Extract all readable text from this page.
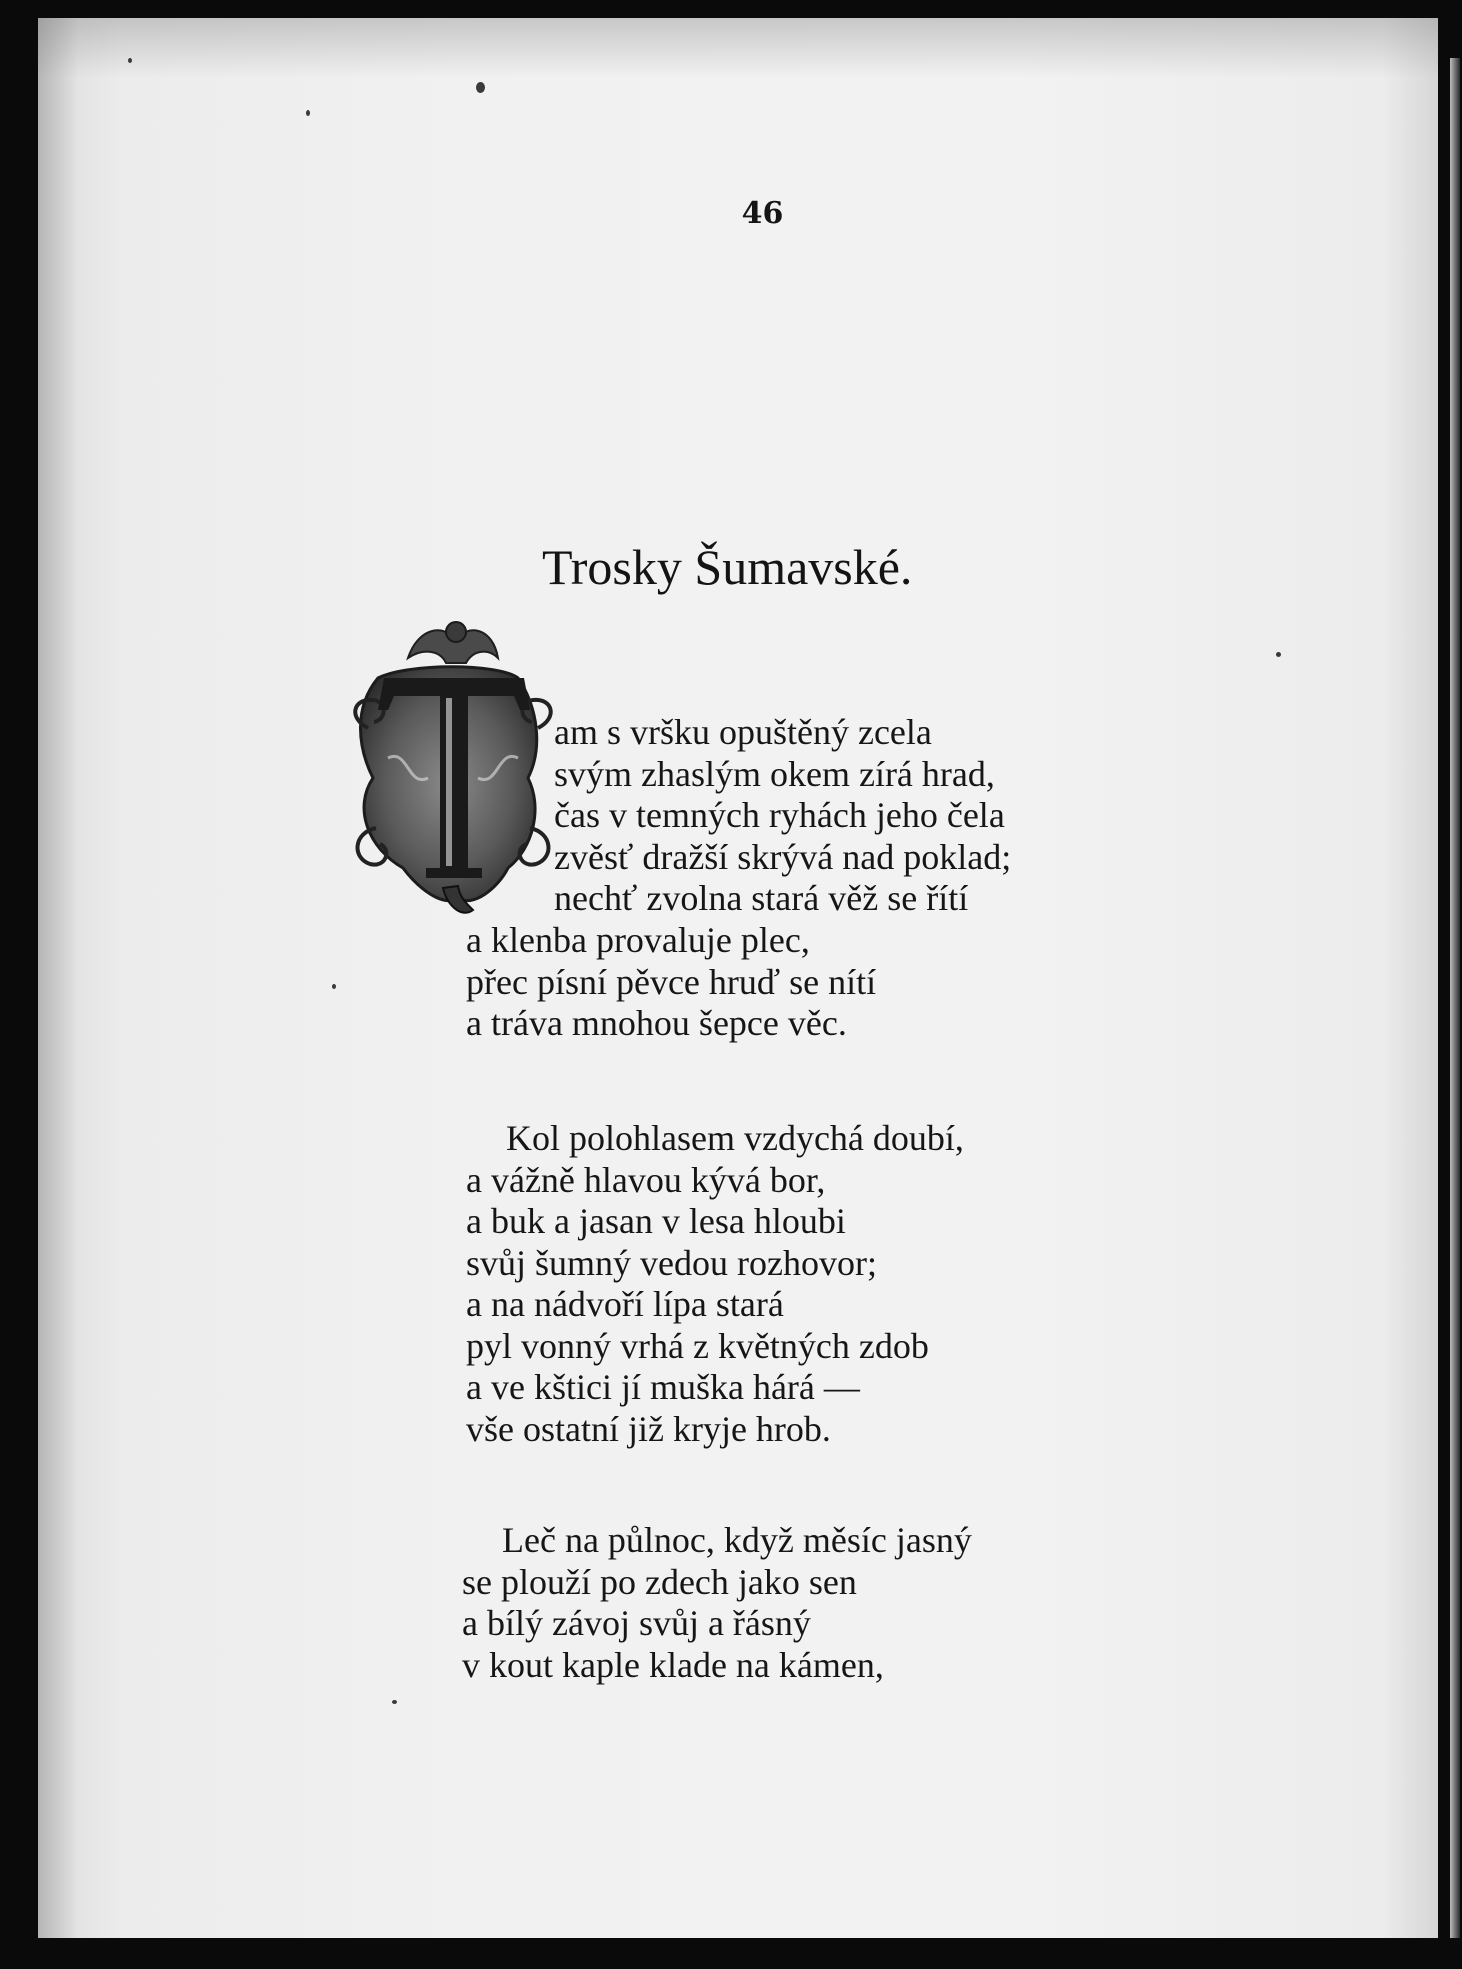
46
Trosky Šumavské.
am s vršku opuštěný zcela
svým zhaslým okem zírá hrad,
čas v temných ryhách jeho čela
zvěsť dražší skrývá nad poklad;
nechť zvolna stará věž se řítí
a klenba provaluje plec,
přec písní pěvce hruď se nítí
a tráva mnohou šepce věc.
Kol polohlasem vzdychá doubí,
a vážně hlavou kývá bor,
a buk a jasan v lesa hloubi
svůj šumný vedou rozhovor;
a na nádvoří lípa stará
pyl vonný vrhá z květných zdob
a ve kštici jí muška hárá —
vše ostatní již kryje hrob.
Leč na půlnoc, když měsíc jasný
se plouží po zdech jako sen
a bílý závoj svůj a řásný
v kout kaple klade na kámen,
